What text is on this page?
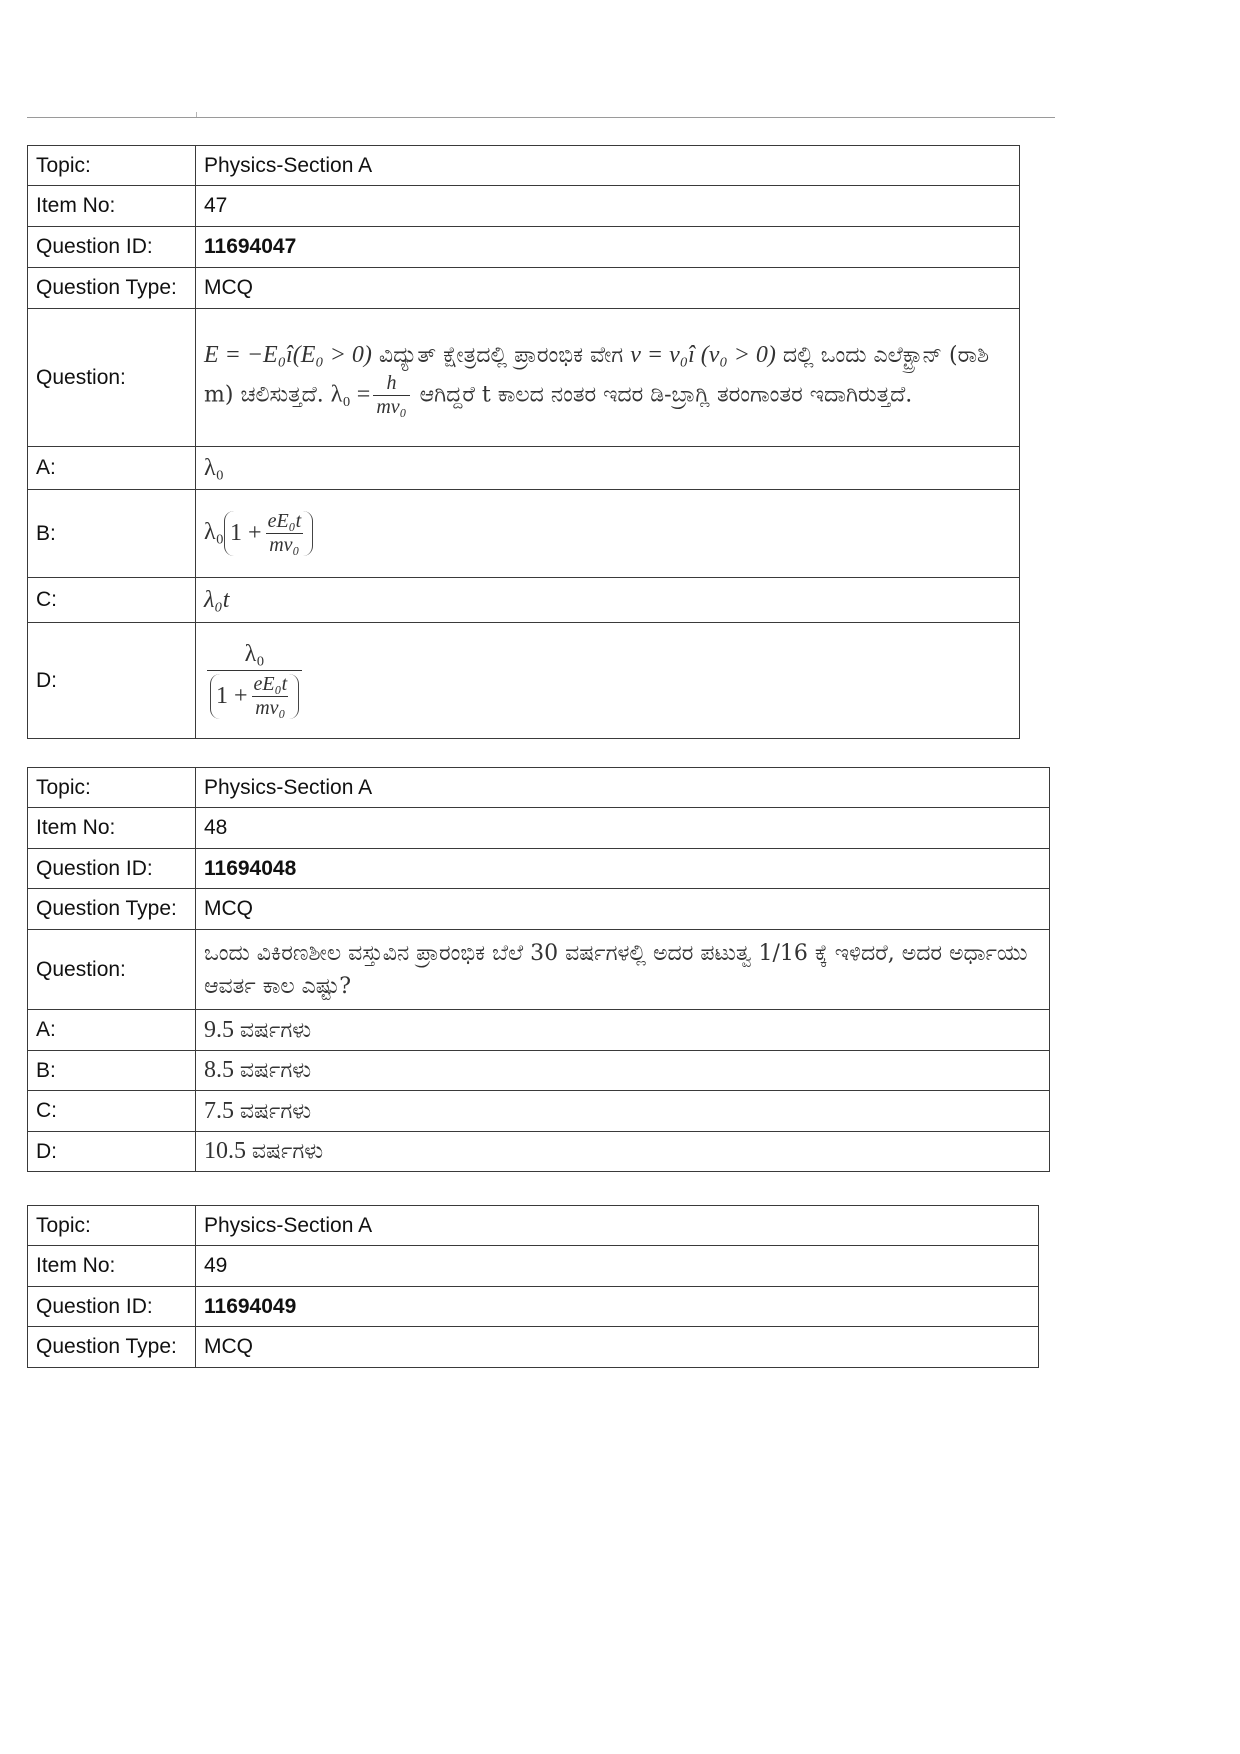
Topic:	Physics-Section A
Item No:	47
Question ID:	11694047
Question Type:	MCQ
Question:	E = −E₀î(E₀ > 0) ವಿದ್ಯುತ್ ಕ್ಷೇತ್ರದಲ್ಲಿ ಪ್ರಾರಂಭಿಕ ವೇಗ v = v₀î (v₀ > 0) ದಲ್ಲಿ ಒಂದು ಎಲೆಕ್ಟ್ರಾನ್ (ರಾಶಿ m) ಚಲಿಸುತ್ತದೆ. $\lambda_0 = \frac{h}{\text{mv₀}}$ ಆಗಿದ್ದರೆ t ಕಾಲದ ನಂತರ ಇದರ ಡಿ-ಬ್ರಾಗ್ಲಿ ತರಂಗಾಂತರ ಇದಾಗಿರುತ್ತದೆ.
A:	λ₀
B:	λ₀ $1 + \frac{\text{eE₀t}}{\text{mv₀}}$

C:	λ₀t
D:	$\frac{\text{λ₀}}{1 + \frac{\text{eE₀t}}{\text{mv₀}}}$
Topic:	Physics-Section A
Item No:	48
Question ID:	11694048
Question Type:	MCQ
Question:	ಒಂದು ವಿಕಿರಣಶೀಲ ವಸ್ತುವಿನ ಪ್ರಾರಂಭಿಕ ಬೆಲೆ 30 ವರ್ಷಗಳಲ್ಲಿ ಅದರ ಪಟುತ್ವ 1/16 ಕ್ಕೆ ಇಳಿದರೆ, ಅದರ ಅರ್ಧಾಯು ಆವರ್ತ ಕಾಲ ಎಷ್ಟು?
A:	9.5 ವರ್ಷಗಳು
B:	8.5 ವರ್ಷಗಳು
C:	7.5 ವರ್ಷಗಳು
D:	10.5 ವರ್ಷಗಳು
Topic:	Physics-Section A
Item No:	49
Question ID:	11694049
Question Type:	MCQ
